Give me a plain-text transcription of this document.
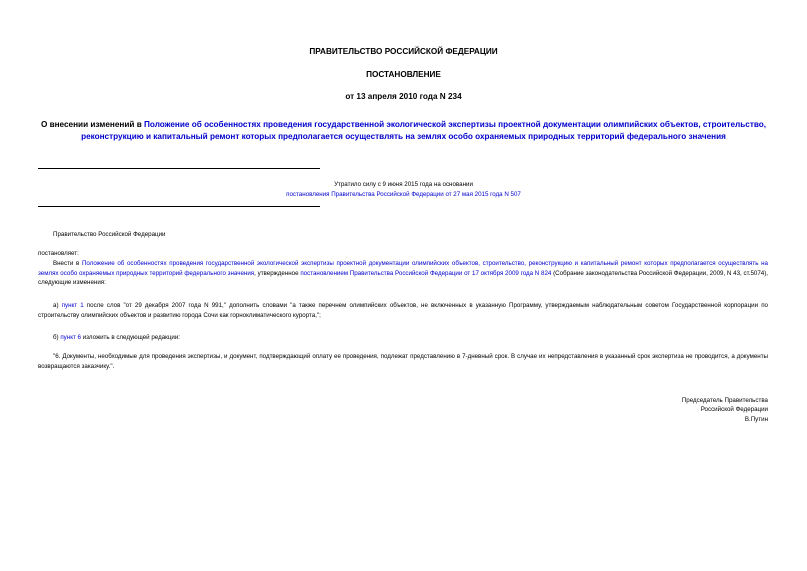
ПРАВИТЕЛЬСТВО РОССИЙСКОЙ ФЕДЕРАЦИИ
ПОСТАНОВЛЕНИЕ
от 13 апреля 2010 года N 234
О внесении изменений в Положение об особенностях проведения государственной экологической экспертизы проектной документации олимпийских объектов, строительство, реконструкцию и капитальный ремонт которых предполагается осуществлять на землях особо охраняемых природных территорий федерального значения
Утратило силу с 9 июня 2015 года на основании
постановления Правительства Российской Федерации от 27 мая 2015 года N 507
Правительство Российской Федерации
постановляет:
Внести в Положение об особенностях проведения государственной экологической экспертизы проектной документации олимпийских объектов, строительство, реконструкцию и капитальный ремонт которых предполагается осуществлять на землях особо охраняемых природных территорий федерального значения, утвержденное постановлением Правительства Российской Федерации от 17 октября 2009 года N 824 (Собрание законодательства Российской Федерации, 2009, N 43, ст.5074), следующие изменения:
а) пункт 1 после слов "от 29 декабря 2007 года N 991," дополнить словами "а также перечнем олимпийских объектов, не включенных в указанную Программу, утверждаемым наблюдательным советом Государственной корпорации по строительству олимпийских объектов и развитию города Сочи как горноклиматического курорта,";
б) пункт 6 изложить в следующей редакции:
"6. Документы, необходимые для проведения экспертизы, и документ, подтверждающий оплату ее проведения, подлежат представлению в 7-дневный срок. В случае их непредставления в указанный срок экспертиза не проводится, а документы возвращаются заказчику.".
Председатель Правительства
Российской Федерации
В.Путин
